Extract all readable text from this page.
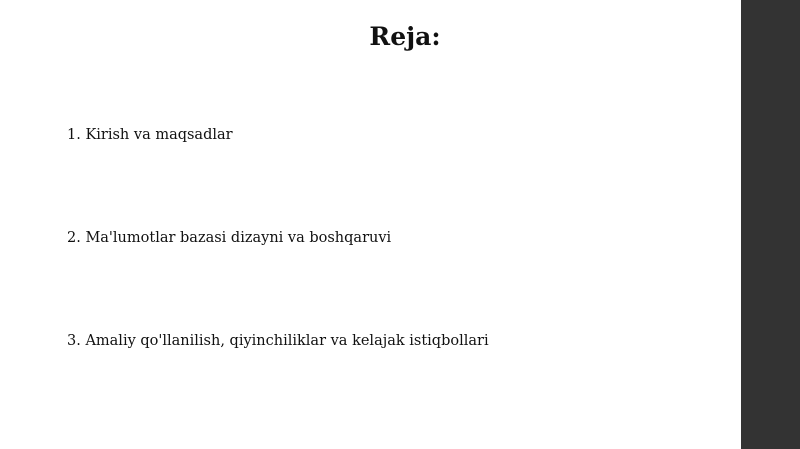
Reja:
1. Kirish va maqsadlar
2. Ma'lumotlar bazasi dizayni va boshqaruvi
3. Amaliy qo'llanilish, qiyinchiliklar va kelajak istiqbollari
